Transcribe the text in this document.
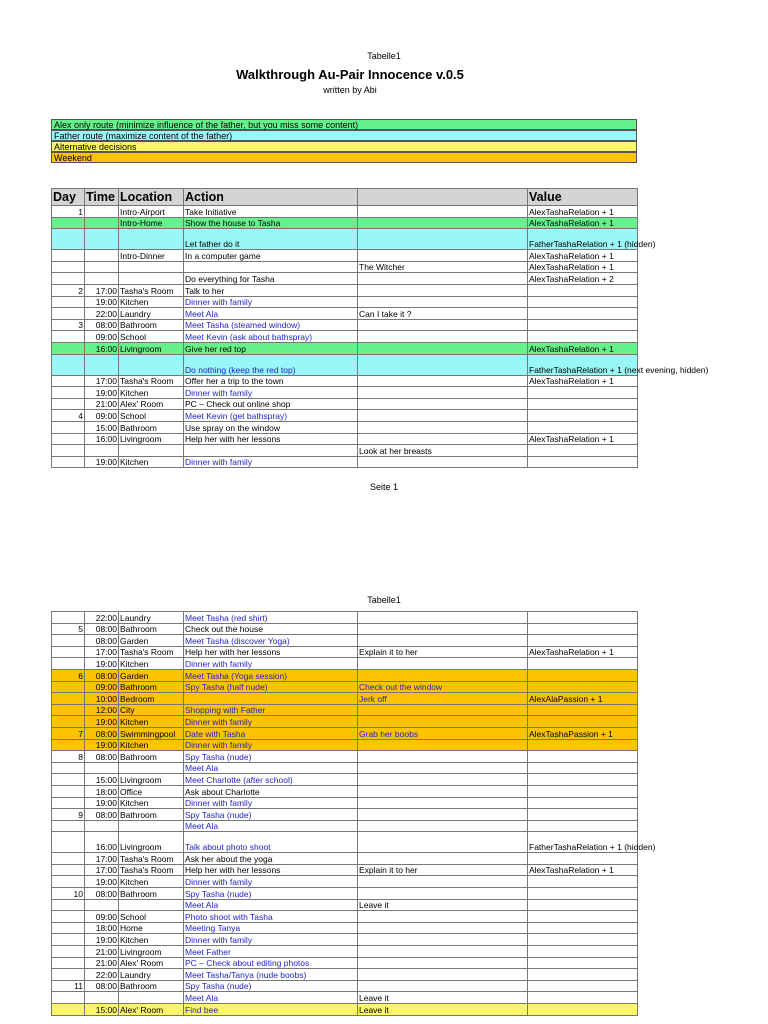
Tabelle1
Walkthrough Au-Pair Innocence v.0.5
written by Abi
Alex only route (minimize influence of the father, but you miss some content)
Father route (maximize content of the father)
Alternative decisions
Weekend
Day	Time	Location	Action		Value
1		Intro-Airport	Take Initiative		AlexTashaRelation + 1
		Intro-Home	Show the house to Tasha		AlexTashaRelation + 1
			Let father do it		FatherTashaRelation + 1 (hidden)
		Intro-Dinner	In a computer game		AlexTashaRelation + 1
				The Witcher	AlexTashaRelation + 1
			Do everything for Tasha		AlexTashaRelation + 2
2	17:00	Tasha's Room	Talk to her		
	19:00	Kitchen	Dinner with family		
	22:00	Laundry	Meet Ala	Can I take it ?	
3	08:00	Bathroom	Meet Tasha (steamed window)		
	09:00	School	Meet Kevin (ask about bathspray)		
	16:00	Livingroom	Give her red top		AlexTashaRelation + 1
			Do nothing (keep the red top)		FatherTashaRelation + 1 (next evening, hidden)
	17:00	Tasha's Room	Offer her a trip to the town		AlexTashaRelation + 1
	19:00	Kitchen	Dinner with family		
	21:00	Alex' Room	PC – Check out online shop		
4	09:00	School	Meet Kevin (get bathspray)		
	15:00	Bathroom	Use spray on the window		
	16:00	Livingroom	Help her with her lessons		AlexTashaRelation + 1
				Look at her breasts	
	19:00	Kitchen	Dinner with family		
Seite 1
Tabelle1
	22:00	Laundry	Meet Tasha (red shirt)		
5	08:00	Bathroom	Check out the house		
	08:00	Garden	Meet Tasha (discover Yoga)		
	17:00	Tasha's Room	Help her with her lessons	Explain it to her	AlexTashaRelation + 1
	19:00	Kitchen	Dinner with family		
6	08:00	Garden	Meet Tasha (Yoga session)		
	09:00	Bathroom	Spy Tasha (half nude)	Check out the window	
	10:00	Bedroom		Jerk off	AlexAlaPassion + 1
	12:00	City	Shopping with Father		
	19:00	Kitchen	Dinner with family		
7	08:00	Swimmingpool	Date with Tasha	Grab her boobs	AlexTashaPassion + 1
	19:00	Kitchen	Dinner with family		
8	08:00	Bathroom	Spy Tasha (nude)		
			Meet Ala		
	15:00	Livingroom	Meet Charlotte (after school)		
	18:00	Office	Ask about Charlotte		
	19:00	Kitchen	Dinner with family		
9	08:00	Bathroom	Spy Tasha (nude)		
			Meet Ala		
	16:00	Livingroom	Talk about photo shoot		FatherTashaRelation + 1 (hidden)
	17:00	Tasha's Room	Ask her about the yoga		
	17:00	Tasha's Room	Help her with her lessons	Explain it to her	AlexTashaRelation + 1
	19:00	Kitchen	Dinner with family		
10	08:00	Bathroom	Spy Tasha (nude)		
			Meet Ala	Leave it	
	09:00	School	Photo shoot with Tasha		
	18:00	Home	Meeting Tanya		
	19:00	Kitchen	Dinner with family		
	21:00	Livingroom	Meet Father		
	21:00	Alex' Room	PC – Check about editing photos		
	22:00	Laundry	Meet Tasha/Tanya (nude boobs)		
11	08:00	Bathroom	Spy Tasha (nude)		
			Meet Ala	Leave it	
	15:00	Alex' Room	Find bee	Leave it	
